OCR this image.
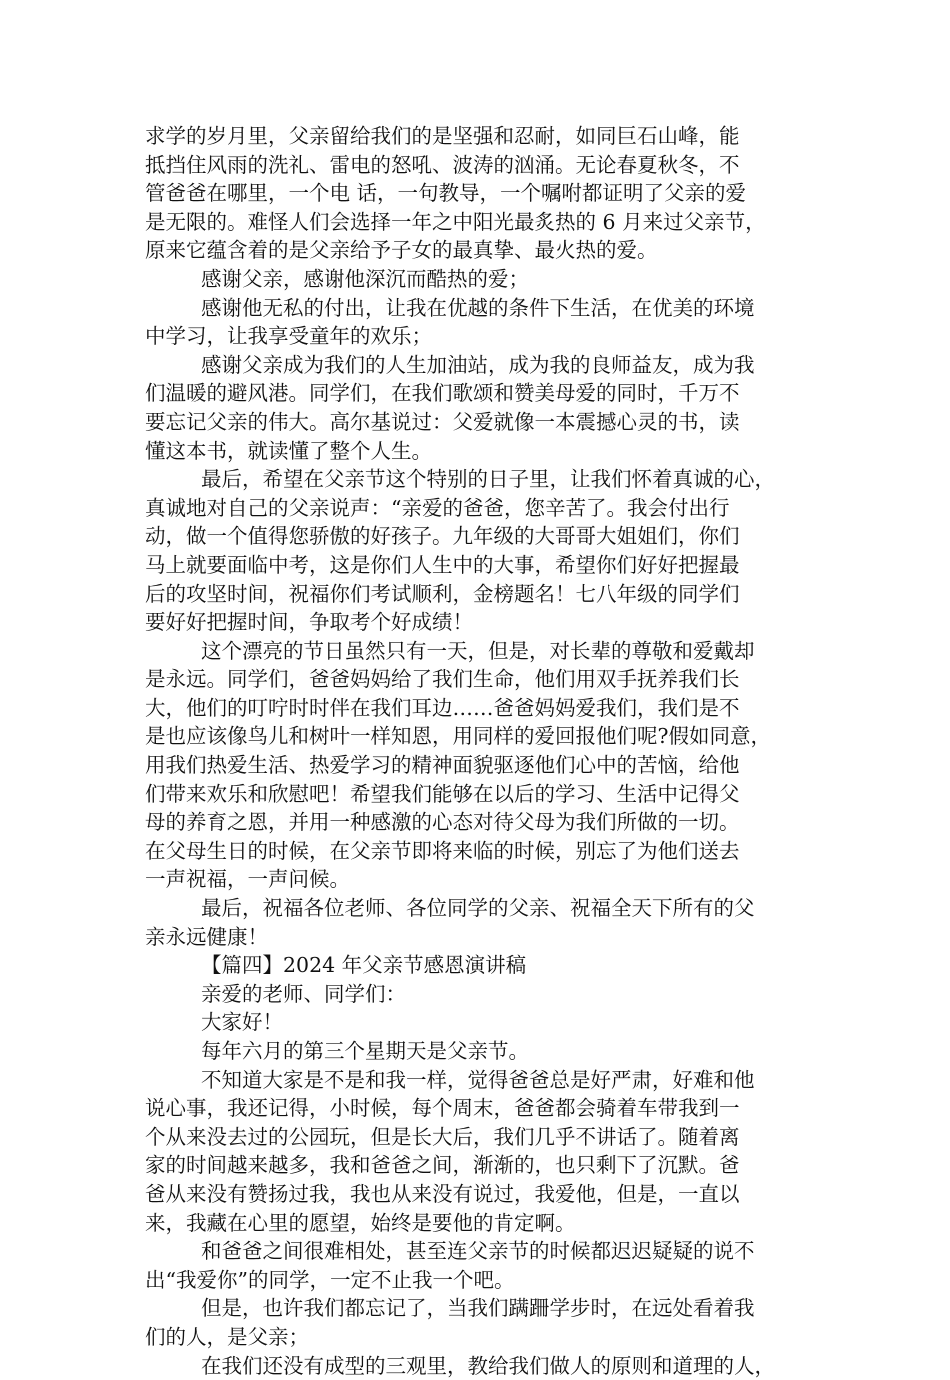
求学的岁月里，父亲留给我们的是坚强和忍耐，如同巨石山峰，能
抵挡住风雨的洗礼、雷电的怒吼、波涛的汹涌。无论春夏秋冬，不
管爸爸在哪里，一个电 话，一句教导，一个嘱咐都证明了父亲的爱
是无限的。难怪人们会选择一年之中阳光最炙热的 6 月来过父亲节，
原来它蕴含着的是父亲给予子女的最真挚、最火热的爱。
感谢父亲，感谢他深沉而酷热的爱；
感谢他无私的付出，让我在优越的条件下生活，在优美的环境
中学习，让我享受童年的欢乐；
感谢父亲成为我们的人生加油站，成为我的良师益友，成为我
们温暖的避风港。同学们，在我们歌颂和赞美母爱的同时，千万不
要忘记父亲的伟大。高尔基说过：父爱就像一本震撼心灵的书，读
懂这本书，就读懂了整个人生。
最后，希望在父亲节这个特别的日子里，让我们怀着真诚的心，
真诚地对自己的父亲说声：“亲爱的爸爸，您辛苦了。我会付出行
动，做一个值得您骄傲的好孩子。九年级的大哥哥大姐姐们，你们
马上就要面临中考，这是你们人生中的大事，希望你们好好把握最
后的攻坚时间，祝福你们考试顺利，金榜题名！七八年级的同学们
要好好把握时间，争取考个好成绩！
这个漂亮的节日虽然只有一天，但是，对长辈的尊敬和爱戴却
是永远。同学们，爸爸妈妈给了我们生命，他们用双手抚养我们长
大，他们的叮咛时时伴在我们耳边……爸爸妈妈爱我们，我们是不
是也应该像鸟儿和树叶一样知恩，用同样的爱回报他们呢?假如同意，
用我们热爱生活、热爱学习的精神面貌驱逐他们心中的苦恼，给他
们带来欢乐和欣慰吧！希望我们能够在以后的学习、生活中记得父
母的养育之恩，并用一种感激的心态对待父母为我们所做的一切。
在父母生日的时候，在父亲节即将来临的时候，别忘了为他们送去
一声祝福，一声问候。
最后，祝福各位老师、各位同学的父亲、祝福全天下所有的父
亲永远健康！
【篇四】2024 年父亲节感恩演讲稿
亲爱的老师、同学们：
大家好！
每年六月的第三个星期天是父亲节。
不知道大家是不是和我一样，觉得爸爸总是好严肃，好难和他
说心事，我还记得，小时候，每个周末，爸爸都会骑着车带我到一
个从来没去过的公园玩，但是长大后，我们几乎不讲话了。随着离
家的时间越来越多，我和爸爸之间，渐渐的，也只剩下了沉默。爸
爸从来没有赞扬过我，我也从来没有说过，我爱他，但是，一直以
来，我藏在心里的愿望，始终是要他的肯定啊。
和爸爸之间很难相处，甚至连父亲节的时候都迟迟疑疑的说不
出“我爱你”的同学，一定不止我一个吧。
但是，也许我们都忘记了，当我们蹒跚学步时，在远处看着我
们的人，是父亲；
在我们还没有成型的三观里，教给我们做人的原则和道理的人，
